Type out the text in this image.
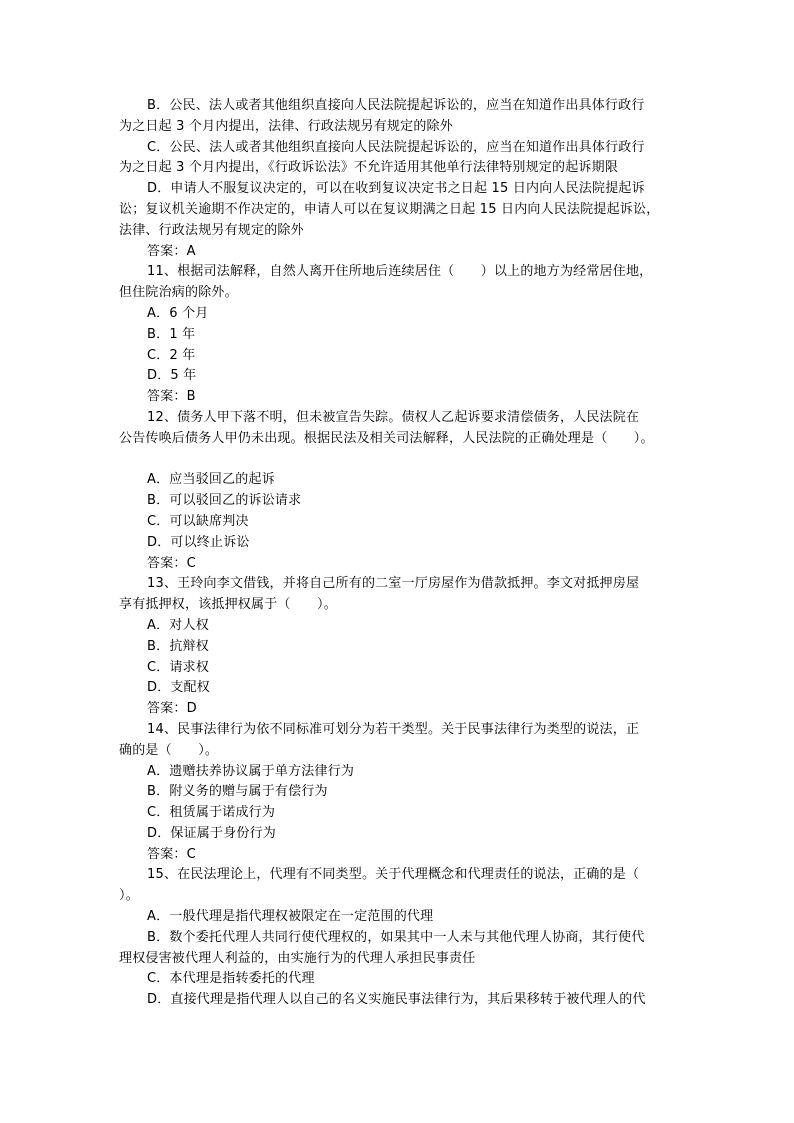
B．公民、法人或者其他组织直接向人民法院提起诉讼的，应当在知道作出具体行政行
为之日起 3 个月内提出，法律、行政法规另有规定的除外
C．公民、法人或者其他组织直接向人民法院提起诉讼的，应当在知道作出具体行政行
为之日起 3 个月内提出，《行政诉讼法》不允许适用其他单行法律特别规定的起诉期限
D．申请人不服复议决定的，可以在收到复议决定书之日起 15 日内向人民法院提起诉
讼；复议机关逾期不作决定的，申请人可以在复议期满之日起 15 日内向人民法院提起诉讼，
法律、行政法规另有规定的除外
答案：A
11、根据司法解释，自然人离开住所地后连续居住（　　）以上的地方为经常居住地，
但住院治病的除外。
A．6 个月
B．1 年
C．2 年
D．5 年
答案：B
12、债务人甲下落不明，但未被宣告失踪。债权人乙起诉要求清偿债务，人民法院在
公告传唤后债务人甲仍未出现。根据民法及相关司法解释，人民法院的正确处理是（　　）。
A．应当驳回乙的起诉
B．可以驳回乙的诉讼请求
C．可以缺席判决
D．可以终止诉讼
答案：C
13、王玲向李文借钱，并将自己所有的二室一厅房屋作为借款抵押。李文对抵押房屋
享有抵押权，该抵押权属于（　　）。
A．对人权
B．抗辩权
C．请求权
D．支配权
答案：D
14、民事法律行为依不同标准可划分为若干类型。关于民事法律行为类型的说法，正
确的是（　　）。
A．遗赠扶养协议属于单方法律行为
B．附义务的赠与属于有偿行为
C．租赁属于诺成行为
D．保证属于身份行为
答案：C
15、在民法理论上，代理有不同类型。关于代理概念和代理责任的说法，正确的是（
）。
A．一般代理是指代理权被限定在一定范围的代理
B．数个委托代理人共同行使代理权的，如果其中一人未与其他代理人协商，其行使代
理权侵害被代理人利益的，由实施行为的代理人承担民事责任
C．本代理是指转委托的代理
D．直接代理是指代理人以自己的名义实施民事法律行为，其后果移转于被代理人的代
